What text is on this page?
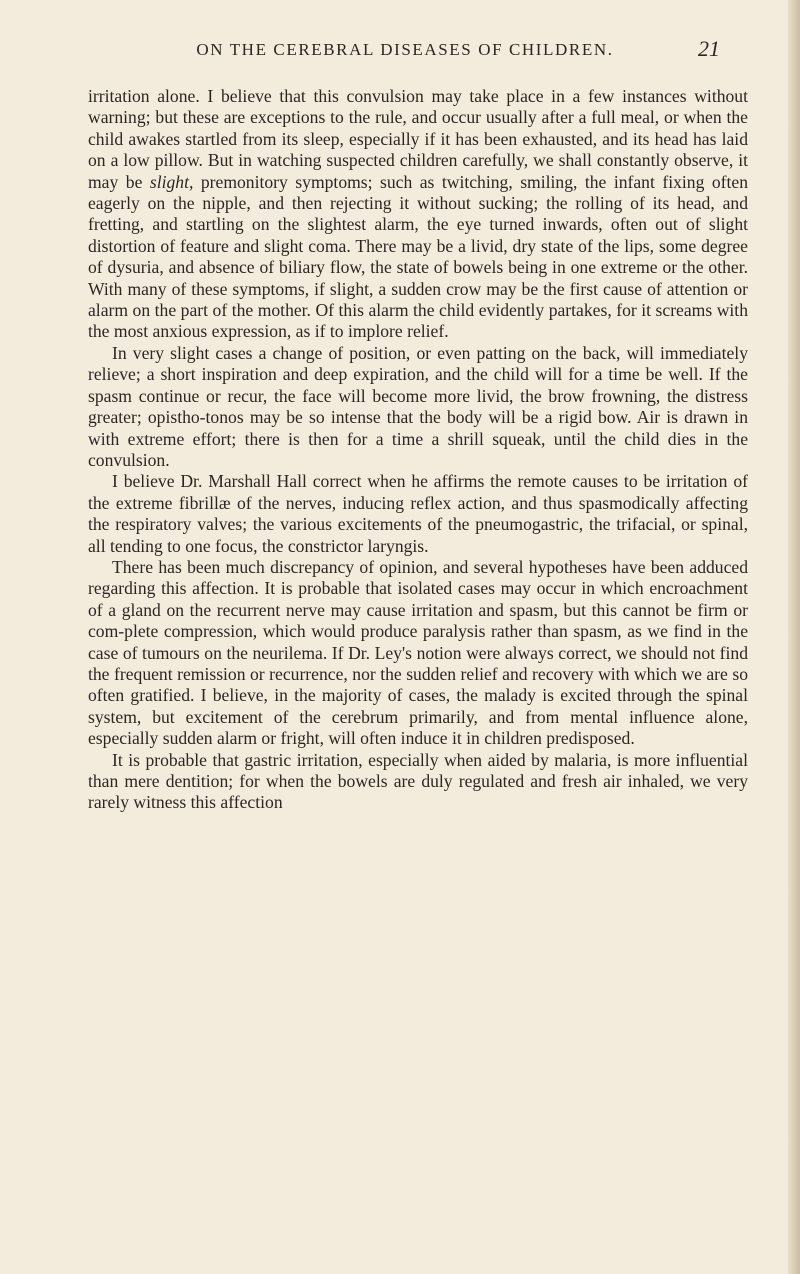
ON THE CEREBRAL DISEASES OF CHILDREN.	21

irritation alone. I believe that this convulsion may take place in a few instances without warning; but these are exceptions to the rule, and occur usually after a full meal, or when the child awakes startled from its sleep, especially if it has been exhausted, and its head has laid on a low pillow. But in watching suspected children carefully, we shall constantly observe, it may be slight, premonitory symptoms; such as twitching, smiling, the infant fixing often eagerly on the nipple, and then rejecting it without sucking; the rolling of its head, and fretting, and startling on the slightest alarm, the eye turned inwards, often out of slight distortion of feature and slight coma. There may be a livid, dry state of the lips, some degree of dysuria, and absence of biliary flow, the state of bowels being in one extreme or the other. With many of these symptoms, if slight, a sudden crow may be the first cause of attention or alarm on the part of the mother. Of this alarm the child evidently partakes, for it screams with the most anxious expression, as if to implore relief.

In very slight cases a change of position, or even patting on the back, will immediately relieve; a short inspiration and deep expiration, and the child will for a time be well. If the spasm continue or recur, the face will become more livid, the brow frowning, the distress greater; opistho-tonos may be so intense that the body will be a rigid bow. Air is drawn in with extreme effort; there is then for a time a shrill squeak, until the child dies in the convulsion.

I believe Dr. Marshall Hall correct when he affirms the remote causes to be irritation of the extreme fibrillæ of the nerves, inducing reflex action, and thus spasmodically affecting the respiratory valves; the various excitements of the pneumogastric, the trifacial, or spinal, all tending to one focus, the constrictor laryngis.

There has been much discrepancy of opinion, and several hypotheses have been adduced regarding this affection. It is probable that isolated cases may occur in which encroachment of a gland on the recurrent nerve may cause irritation and spasm, but this cannot be firm or com-plete compression, which would produce paralysis rather than spasm, as we find in the case of tumours on the neurilema. If Dr. Ley's notion were always correct, we should not find the frequent remission or recurrence, nor the sudden relief and recovery with which we are so often gratified. I believe, in the majority of cases, the malady is excited through the spinal system, but excitement of the cerebrum primarily, and from mental influence alone, especially sudden alarm or fright, will often induce it in children predisposed.

It is probable that gastric irritation, especially when aided by malaria, is more influential than mere dentition; for when the bowels are duly regulated and fresh air inhaled, we very rarely witness this affection
